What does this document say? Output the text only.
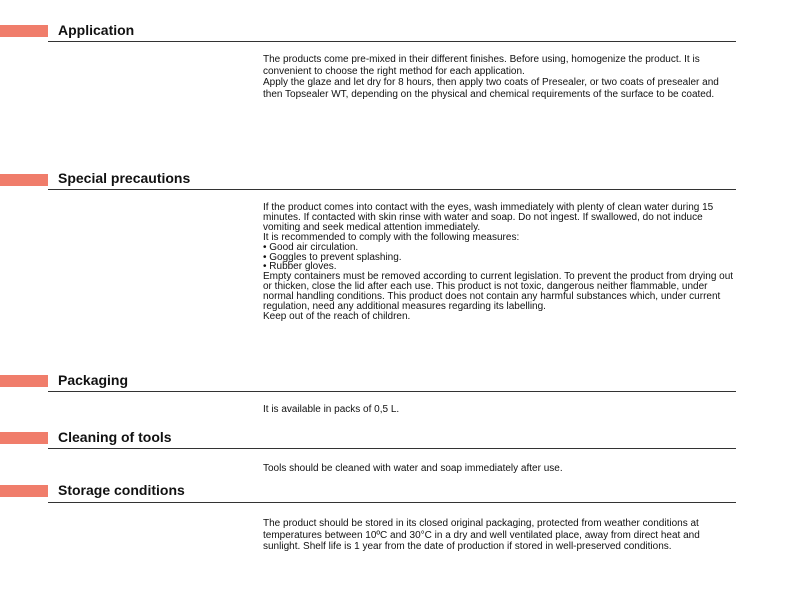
Application

The products come pre-mixed in their different finishes. Before using, homogenize the product. It is convenient to choose the right method for each application.

Apply the glaze and let dry for 8 hours, then apply two coats of Presealer, or two coats of presealer and then Topsealer WT, depending on the physical and chemical requirements of the surface to be coated.

Special precautions

If the product comes into contact with the eyes, wash immediately with plenty of clean water during 15 minutes. If contacted with skin rinse with water and soap. Do not ingest. If swallowed, do not induce vomiting and seek medical attention immediately.

It is recommended to comply with the following measures:

• Good air circulation.

• Goggles to prevent splashing.

• Rubber gloves.

Empty containers must be removed according to current legislation. To prevent the product from drying out or thicken, close the lid after each use. This product is not toxic, dangerous neither flammable, under normal handling conditions. This product does not contain any harmful substances which, under current regulation, need any additional measures regarding its labelling.

Keep out of the reach of children.

Packaging

It is available in packs of 0,5 L.

Cleaning of tools

Tools should be cleaned with water and soap immediately after use.

Storage conditions

The product should be stored in its closed original packaging, protected from weather conditions at temperatures between 10ºC and 30°C in a dry and well ventilated place, away from direct heat and sunlight. Shelf life is 1 year from the date of production if stored in well-preserved conditions.
